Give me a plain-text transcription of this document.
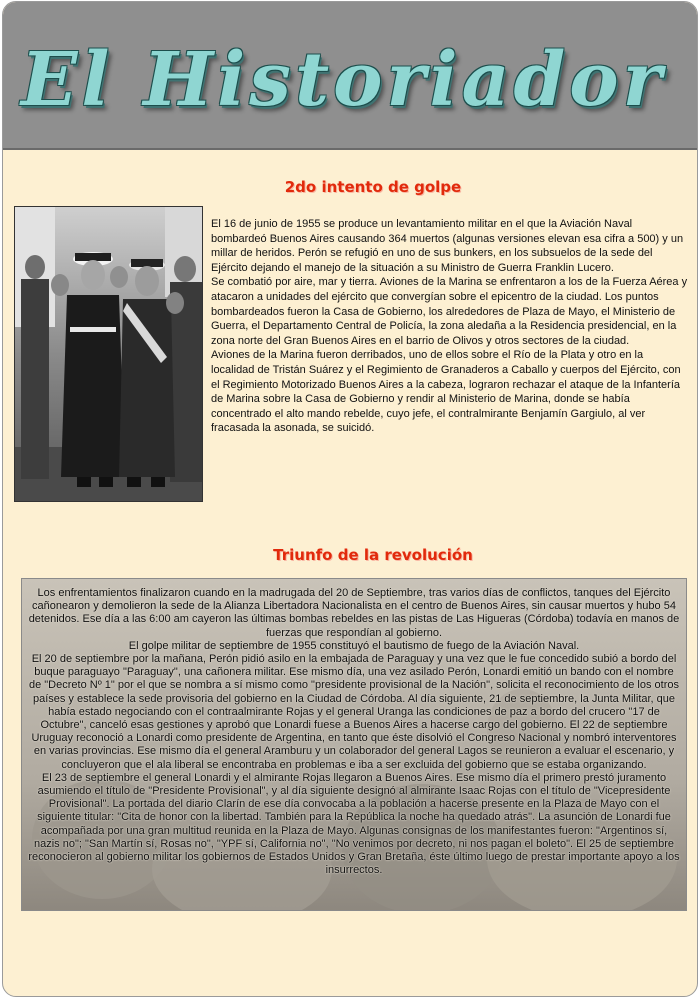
El Historiador
2do intento de golpe

El 16 de junio de 1955 se produce un levantamiento militar en el que la Aviación Naval bombardeó Buenos Aires causando 364 muertos (algunas versiones elevan esa cifra a 500) y un millar de heridos. Perón se refugió en uno de sus bunkers, en los subsuelos de la sede del Ejército dejando el manejo de la situación a su Ministro de Guerra Franklin Lucero.

Se combatió por aire, mar y tierra. Aviones de la Marina se enfrentaron a los de la Fuerza Aérea y atacaron a unidades del ejército que convergían sobre el epicentro de la ciudad. Los puntos bombardeados fueron la Casa de Gobierno, los alrededores de Plaza de Mayo, el Ministerio de Guerra, el Departamento Central de Policía, la zona aledaña a la Residencia presidencial, en la zona norte del Gran Buenos Aires en el barrio de Olivos y otros sectores de la ciudad.

Aviones de la Marina fueron derribados, uno de ellos sobre el Río de la Plata y otro en la localidad de Tristán Suárez y el Regimiento de Granaderos a Caballo y cuerpos del Ejército, con el Regimiento Motorizado Buenos Aires a la cabeza, lograron rechazar el ataque de la Infantería de Marina sobre la Casa de Gobierno y rendir al Ministerio de Marina, donde se había concentrado el alto mando rebelde, cuyo jefe, el contralmirante Benjamín Gargiulo, al ver fracasada la asonada, se suicidó.

Triunfo de la revolución

Los enfrentamientos finalizaron cuando en la madrugada del 20 de Septiembre, tras varios días de conflictos, tanques del Ejército cañonearon y demolieron la sede de la Alianza Libertadora Nacionalista en el centro de Buenos Aires, sin causar muertos y hubo 54 detenidos. Ese día a las 6:00 am cayeron las últimas bombas rebeldes en las pistas de Las Higueras (Córdoba) todavía en manos de fuerzas que respondían al gobierno.

El golpe militar de septiembre de 1955 constituyó el bautismo de fuego de la Aviación Naval.

El 20 de septiembre por la mañana, Perón pidió asilo en la embajada de Paraguay y una vez que le fue concedido subió a bordo del buque paraguayo "Paraguay", una cañonera militar. Ese mismo día, una vez asilado Perón, Lonardi emitió un bando con el nombre de "Decreto Nº 1" por el que se nombra a sí mismo como "presidente provisional de la Nación", solicita el reconocimiento de los otros países y establece la sede provisoria del gobierno en la Ciudad de Córdoba. Al día siguiente, 21 de septiembre, la Junta Militar, que había estado negociando con el contraalmirante Rojas y el general Uranga las condiciones de paz a bordo del crucero "17 de Octubre", canceló esas gestiones y aprobó que Lonardi fuese a Buenos Aires a hacerse cargo del gobierno. El 22 de septiembre Uruguay reconoció a Lonardi como presidente de Argentina, en tanto que éste disolvió el Congreso Nacional y nombró interventores en varias provincias. Ese mismo día el general Aramburu y un colaborador del general Lagos se reunieron a evaluar el escenario, y concluyeron que el ala liberal se encontraba en problemas e iba a ser excluida del gobierno que se estaba organizando.

El 23 de septiembre el general Lonardi y el almirante Rojas llegaron a Buenos Aires. Ese mismo día el primero prestó juramento asumiendo el título de "Presidente Provisional", y al día siguiente designó al almirante Isaac Rojas con el título de "Vicepresidente Provisional". La portada del diario Clarín de ese día convocaba a la población a hacerse presente en la Plaza de Mayo con el siguiente titular: "Cita de honor con la libertad. También para la República la noche ha quedado atrás". La asunción de Lonardi fue acompañada por una gran multitud reunida en la Plaza de Mayo. Algunas consignas de los manifestantes fueron: "Argentinos sí, nazis no"; "San Martín sí, Rosas no", "YPF sí, California no", "No venimos por decreto, ni nos pagan el boleto". El 25 de septiembre reconocieron al gobierno militar los gobiernos de Estados Unidos y Gran Bretaña, éste último luego de prestar importante apoyo a los insurrectos.
